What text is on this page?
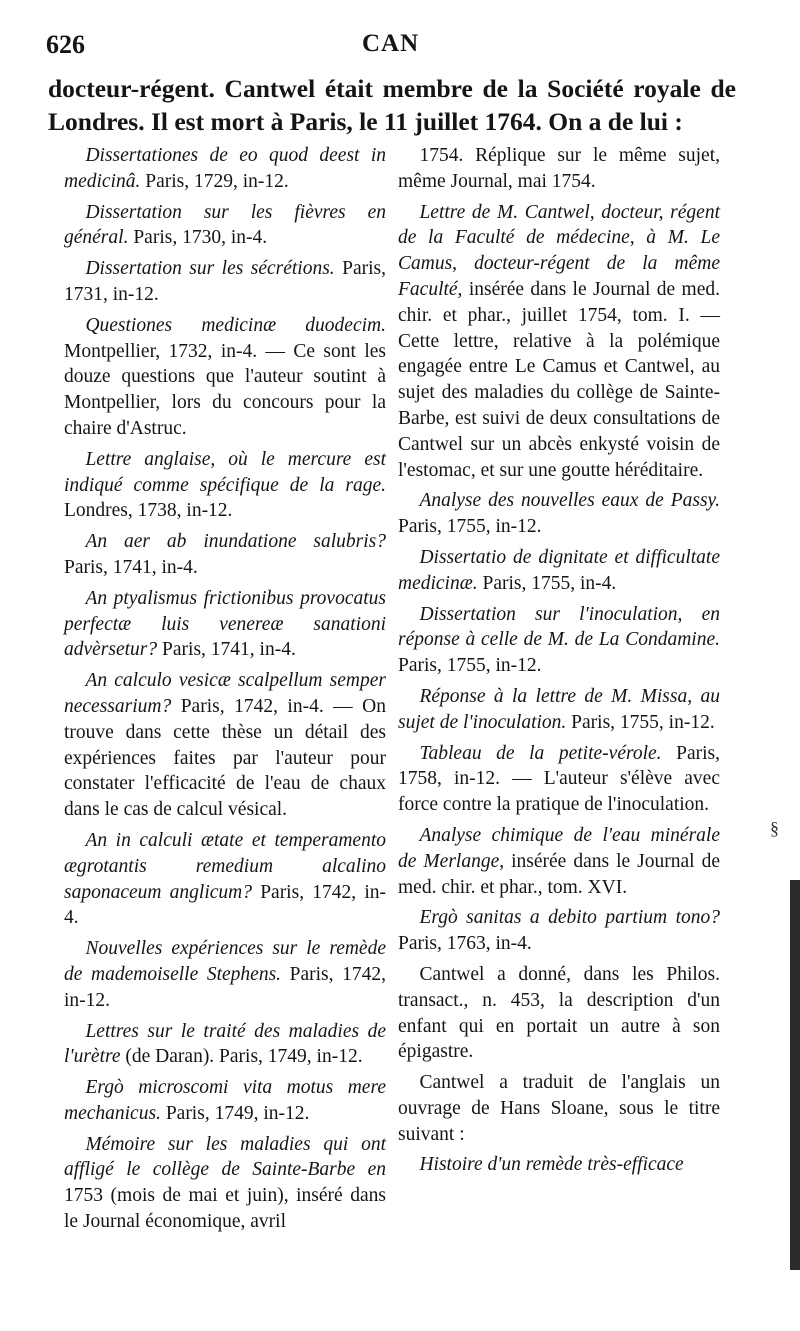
626	CAN
docteur-régent. Cantwel était membre de la Société royale de Londres. Il est mort à Paris, le 11 juillet 1764. On a de lui :

Dissertationes de eo quod deest in medicinâ. Paris, 1729, in-12.

Dissertation sur les fièvres en général. Paris, 1730, in-4.

Dissertation sur les sécrétions. Paris, 1731, in-12.

Questiones medicinæ duodecim. Montpellier, 1732, in-4. — Ce sont les douze questions que l'auteur soutint à Montpellier, lors du concours pour la chaire d'Astruc.

Lettre anglaise, où le mercure est indiqué comme spécifique de la rage. Londres, 1738, in-12.

An aer ab inundatione salubris? Paris, 1741, in-4.

An ptyalismus frictionibus provocatus perfectæ luis venereæ sanationi advèrsetur? Paris, 1741, in-4.

An calculo vesicæ scalpellum semper necessarium? Paris, 1742, in-4. — On trouve dans cette thèse un détail des expériences faites par l'auteur pour constater l'efficacité de l'eau de chaux dans le cas de calcul vésical.

An in calculi ætate et temperamento ægrotantis remedium alcalino saponaceum anglicum? Paris, 1742, in-4.

Nouvelles expériences sur le remède de mademoiselle Stephens. Paris, 1742, in-12.

Lettres sur le traité des maladies de l'urètre (de Daran). Paris, 1749, in-12.

Ergò microscomi vita motus mere mechanicus. Paris, 1749, in-12.

Mémoire sur les maladies qui ont affligé le collège de Sainte-Barbe en 1753 (mois de mai et juin), inséré dans le Journal économique, avril

1754. Réplique sur le même sujet, même Journal, mai 1754.

Lettre de M. Cantwel, docteur, régent de la Faculté de médecine, à M. Le Camus, docteur-régent de la même Faculté, insérée dans le Journal de med. chir. et phar., juillet 1754, tom. I. — Cette lettre, relative à la polémique engagée entre Le Camus et Cantwel, au sujet des maladies du collège de Sainte-Barbe, est suivi de deux consultations de Cantwel sur un abcès enkysté voisin de l'estomac, et sur une goutte héréditaire.

Analyse des nouvelles eaux de Passy. Paris, 1755, in-12.

Dissertatio de dignitate et difficultate medicinæ. Paris, 1755, in-4.

Dissertation sur l'inoculation, en réponse à celle de M. de La Condamine. Paris, 1755, in-12.

Réponse à la lettre de M. Missa, au sujet de l'inoculation. Paris, 1755, in-12.

Tableau de la petite-vérole. Paris, 1758, in-12. — L'auteur s'élève avec force contre la pratique de l'inoculation.

Analyse chimique de l'eau minérale de Merlange, insérée dans le Journal de med. chir. et phar., tom. XVI.

Ergò sanitas a debito partium tono? Paris, 1763, in-4.

Cantwel a donné, dans les Philos. transact., n. 453, la description d'un enfant qui en portait un autre à son épigastre.

Cantwel a traduit de l'anglais un ouvrage de Hans Sloane, sous le titre suivant :

Histoire d'un remède très-efficace

§
